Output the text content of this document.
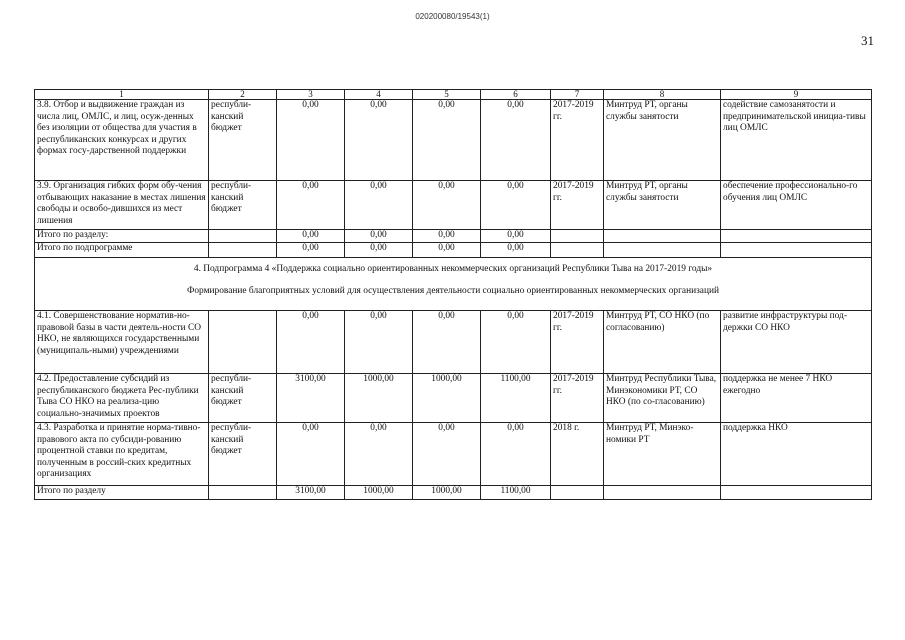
020200080/19543(1)
31
1	2	3	4	5	6	7	8	9
3.8. Отбор и выдвижение граждан из числа лиц, ОМЛС, и лиц, осуж-денных без изоляции от общества для участия в республиканских конкурсах и других формах госу-дарственной поддержки	республи-канский бюджет	0,00	0,00	0,00	0,00	2017-2019 гг.	Минтруд РТ, органы службы занятости	содействие самозанятости и предпринимательской инициа-тивы лиц ОМЛС
3.9. Организация гибких форм обу-чения отбывающих наказание в местах лишения свободы и освобо-дившихся из мест лишения	республи-канский бюджет	0,00	0,00	0,00	0,00	2017-2019 гг.	Минтруд РТ, органы службы занятости	обеспечение профессионально-го обучения лиц ОМЛС
Итого по разделу:		0,00	0,00	0,00	0,00			
Итого по подпрограмме		0,00	0,00	0,00	0,00			

4. Подпрограмма 4 «Поддержка социально ориентированных некоммерческих организаций Республики Тыва на 2017-2019 годы»
Формирование благоприятных условий для осуществления деятельности социально ориентированных некоммерческих организаций								

4.1. Совершенствование норматив-но-правовой базы в части деятель-ности СО НКО, не являющихся государственными (муниципаль-ными) учреждениями		0,00	0,00	0,00	0,00	2017-2019 гг.	Минтруд РТ, СО НКО (по согласованию)	развитие инфраструктуры под-держки СО НКО
4.2. Предоставление субсидий из республиканского бюджета Рес-публики Тыва СО НКО на реализа-цию социально-значимых проектов	республи-канский бюджет	3100,00	1000,00	1000,00	1100,00	2017-2019 гг.	Минтруд Республики Тыва, Минэкономики РТ, СО НКО (по со-гласованию)	поддержка не менее 7 НКО ежегодно
4.3. Разработка и принятие норма-тивно-правового акта по субсиди-рованию процентной ставки по кредитам, полученным в россий-ских кредитных организациях	республи-канский бюджет	0,00	0,00	0,00	0,00	2018 г.	Минтруд РТ, Минэко-номики РТ	поддержка НКО
Итого по разделу		3100,00	1000,00	1000,00	1100,00			
